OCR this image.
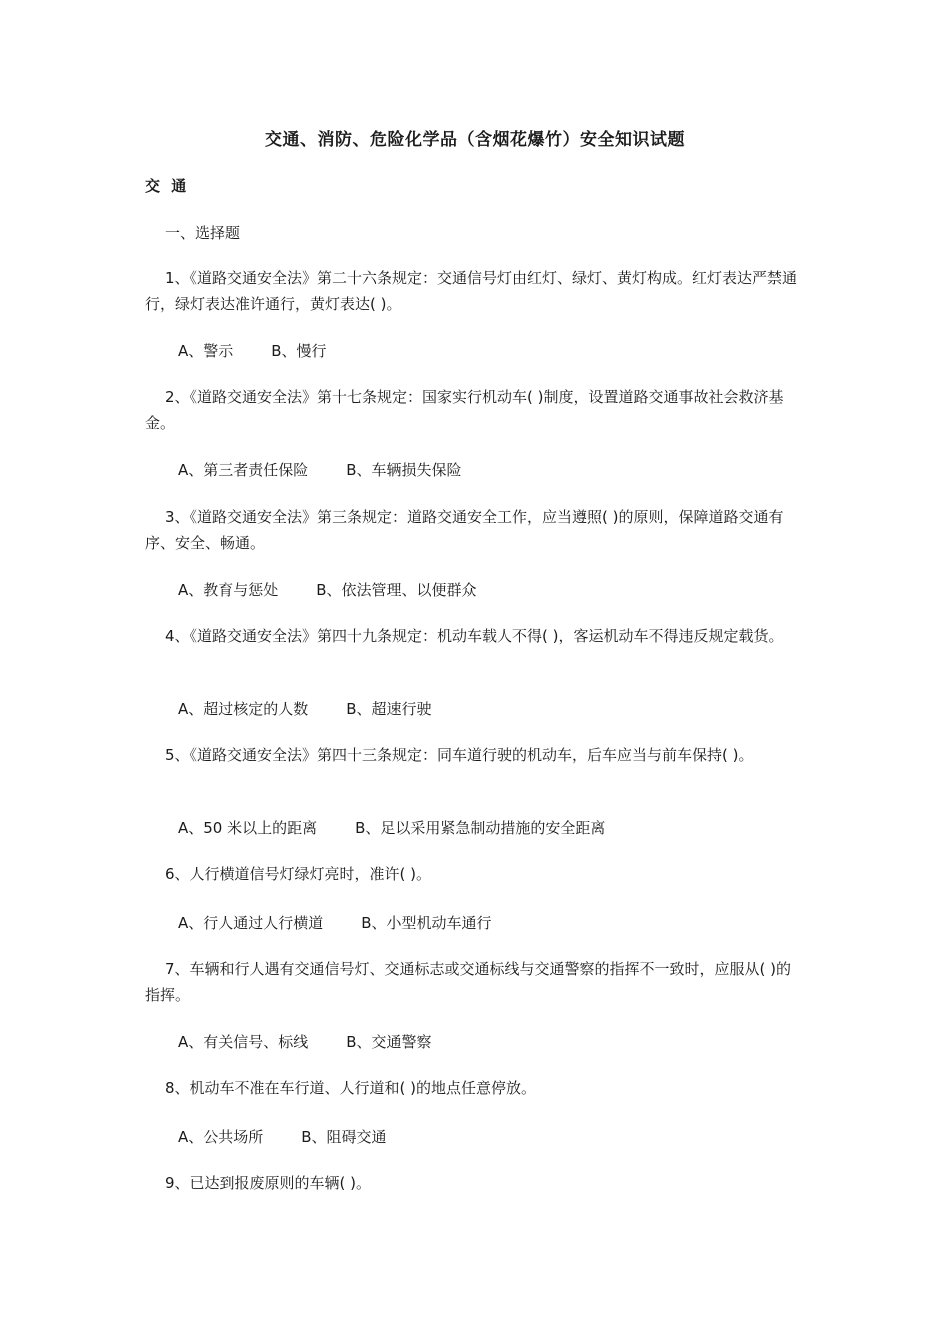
交通、消防、危险化学品（含烟花爆竹）安全知识试题
交 通
一、选择题
1、《道路交通安全法》第二十六条规定：交通信号灯由红灯、绿灯、黄灯构成。红灯表达严禁通行，绿灯表达准许通行，黄灯表达( )。
A、警示	B、慢行
2、《道路交通安全法》第十七条规定：国家实行机动车( )制度，设置道路交通事故社会救济基金。
A、第三者责任保险	B、车辆损失保险
3、《道路交通安全法》第三条规定：道路交通安全工作，应当遵照( )的原则，保障道路交通有序、安全、畅通。
A、教育与惩处	B、依法管理、以便群众
4、《道路交通安全法》第四十九条规定：机动车载人不得( )，客运机动车不得违反规定载货。
A、超过核定的人数	B、超速行驶
5、《道路交通安全法》第四十三条规定：同车道行驶的机动车，后车应当与前车保持( )。
A、50 米以上的距离	B、足以采用紧急制动措施的安全距离
6、人行横道信号灯绿灯亮时，准许( )。
A、行人通过人行横道	B、小型机动车通行
7、车辆和行人遇有交通信号灯、交通标志或交通标线与交通警察的指挥不一致时，应服从( )的指挥。
A、有关信号、标线	B、交通警察
8、机动车不准在车行道、人行道和( )的地点任意停放。
A、公共场所	B、阻碍交通
9、已达到报废原则的车辆( )。
